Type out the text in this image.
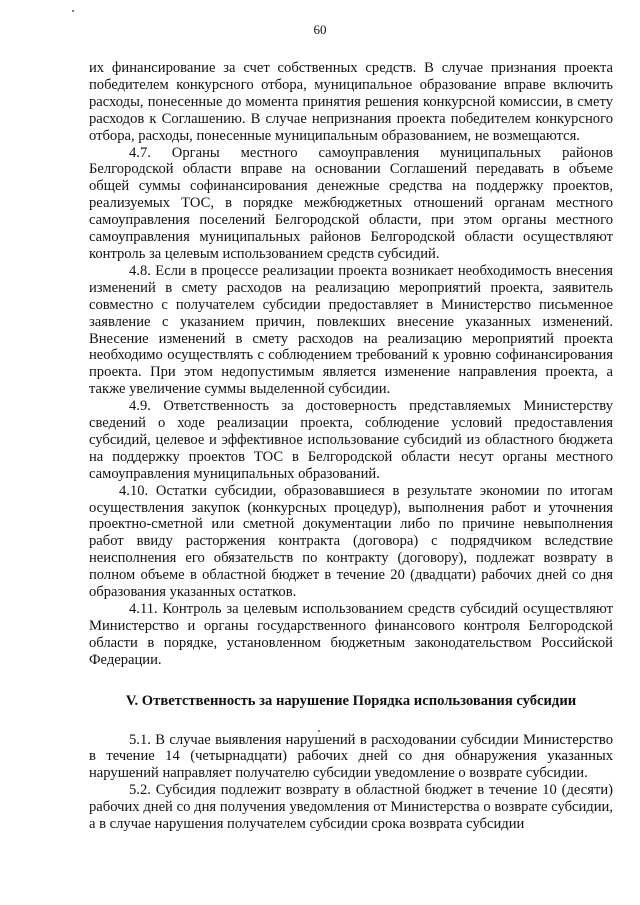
60

их финансирование за счет собственных средств. В случае признания проекта победителем конкурсного отбора, муниципальное образование вправе включить расходы, понесенные до момента принятия решения конкурсной комиссии, в смету расходов к Соглашению. В случае непризнания проекта победителем конкурсного отбора, расходы, понесенные муниципальным образованием, не возмещаются.

4.7. Органы местного самоуправления муниципальных районов Белгородской области вправе на основании Соглашений передавать в объеме общей суммы софинансирования денежные средства на поддержку проектов, реализуемых ТОС, в порядке межбюджетных отношений органам местного самоуправления поселений Белгородской области, при этом органы местного самоуправления муниципальных районов Белгородской области осуществляют контроль за целевым использованием средств субсидий.

4.8. Если в процессе реализации проекта возникает необходимость внесения изменений в смету расходов на реализацию мероприятий проекта, заявитель совместно с получателем субсидии предоставляет в Министерство письменное заявление с указанием причин, повлекших внесение указанных изменений. Внесение изменений в смету расходов на реализацию мероприятий проекта необходимо осуществлять с соблюдением требований к уровню софинансирования проекта. При этом недопустимым является изменение направления проекта, а также увеличение суммы выделенной субсидии.

4.9. Ответственность за достоверность представляемых Министерству сведений о ходе реализации проекта, соблюдение условий предоставления субсидий, целевое и эффективное использование субсидий из областного бюджета на поддержку проектов ТОС в Белгородской области несут органы местного самоуправления муниципальных образований.

4.10. Остатки субсидии, образовавшиеся в результате экономии по итогам осуществления закупок (конкурсных процедур), выполнения работ и уточнения проектно-сметной или сметной документации либо по причине невыполнения работ ввиду расторжения контракта (договора) с подрядчиком вследствие неисполнения его обязательств по контракту (договору), подлежат возврату в полном объеме в областной бюджет в течение 20 (двадцати) рабочих дней со дня образования указанных остатков.

4.11. Контроль за целевым использованием средств субсидий осуществляют Министерство и органы государственного финансового контроля Белгородской области в порядке, установленном бюджетным законодательством Российской Федерации.

V. Ответственность за нарушение Порядка использования субсидии

5.1. В случае выявления нарушений в расходовании субсидии Министерство в течение 14 (четырнадцати) рабочих дней со дня обнаружения указанных нарушений направляет получателю субсидии уведомление о возврате субсидии.

5.2. Субсидия подлежит возврату в областной бюджет в течение 10 (десяти) рабочих дней со дня получения уведомления от Министерства о возврате субсидии, а в случае нарушения получателем субсидии срока возврата субсидии
